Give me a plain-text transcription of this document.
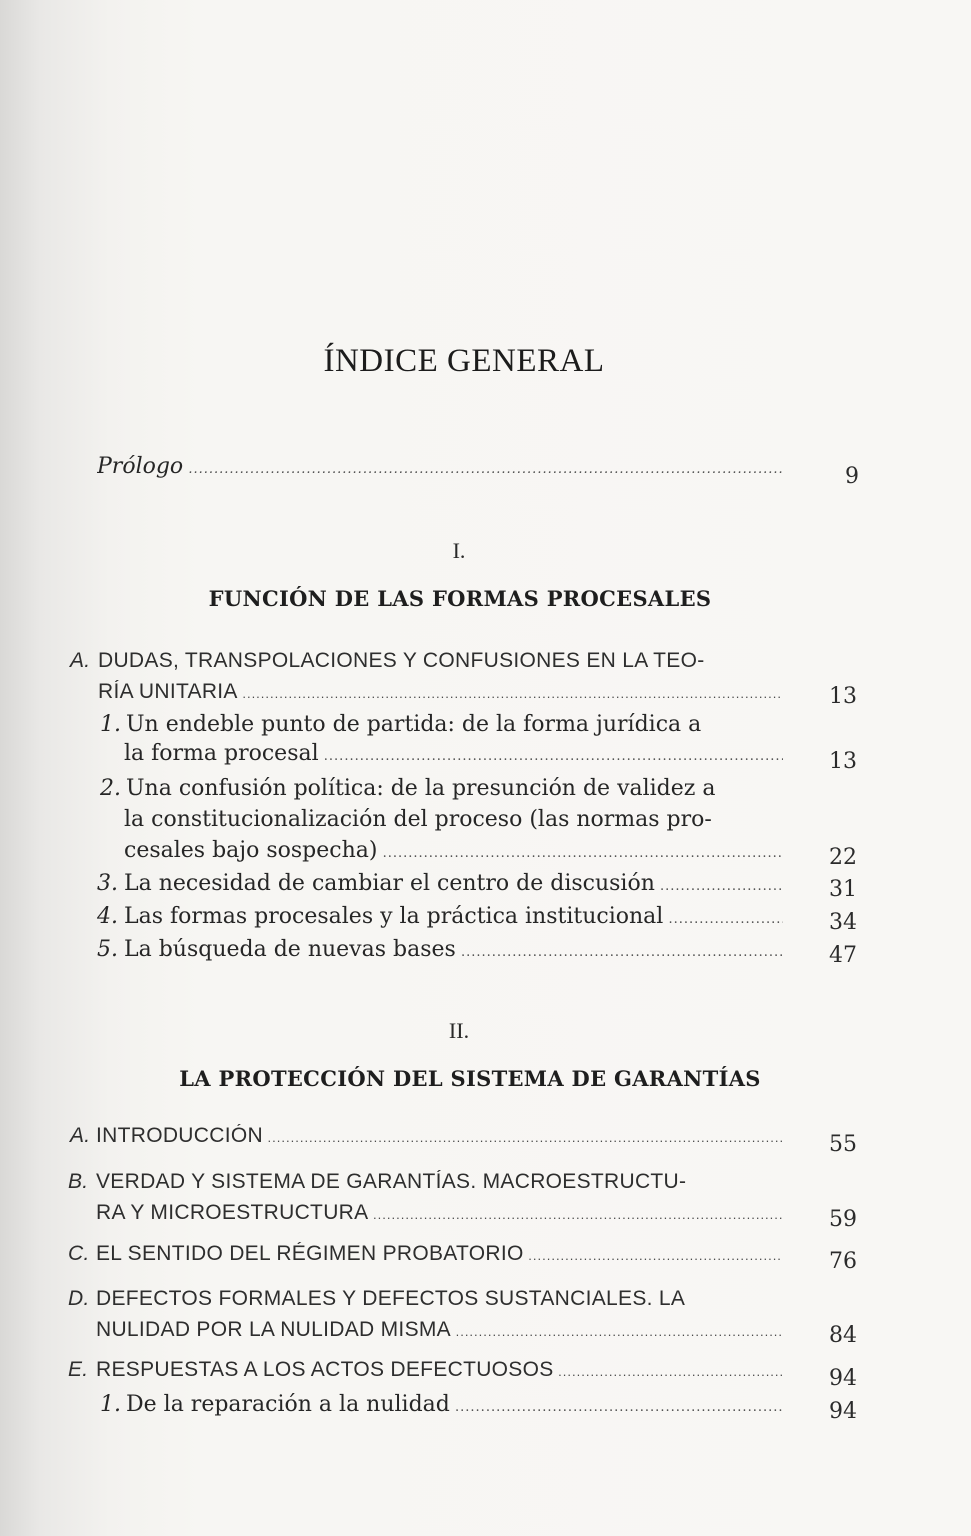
ÍNDICE GENERAL
Prólogo .....	9
I.
FUNCIÓN DE LAS FORMAS PROCESALES
A. DUDAS, TRANSPOLACIONES Y CONFUSIONES EN LA TEO-
RÍA UNITARIA .....	13
1. Un endeble punto de partida: de la forma jurídica a
la forma procesal .....	13
2. Una confusión política: de la presunción de validez a
la constitucionalización del proceso (las normas pro-
cesales bajo sospecha) .....	22
3. La necesidad de cambiar el centro de discusión .....	31
4. Las formas procesales y la práctica institucional .....	34
5. La búsqueda de nuevas bases .....	47
II.
LA PROTECCIÓN DEL SISTEMA DE GARANTÍAS
A. INTRODUCCIÓN .....	55
B. VERDAD Y SISTEMA DE GARANTÍAS. MACROESTRUCTU-
RA Y MICROESTRUCTURA .....	59
C. EL SENTIDO DEL RÉGIMEN PROBATORIO .....	76
D. DEFECTOS FORMALES Y DEFECTOS SUSTANCIALES. LA
NULIDAD POR LA NULIDAD MISMA .....	84
E. RESPUESTAS A LOS ACTOS DEFECTUOSOS .....	94
1. De la reparación a la nulidad .....	94
